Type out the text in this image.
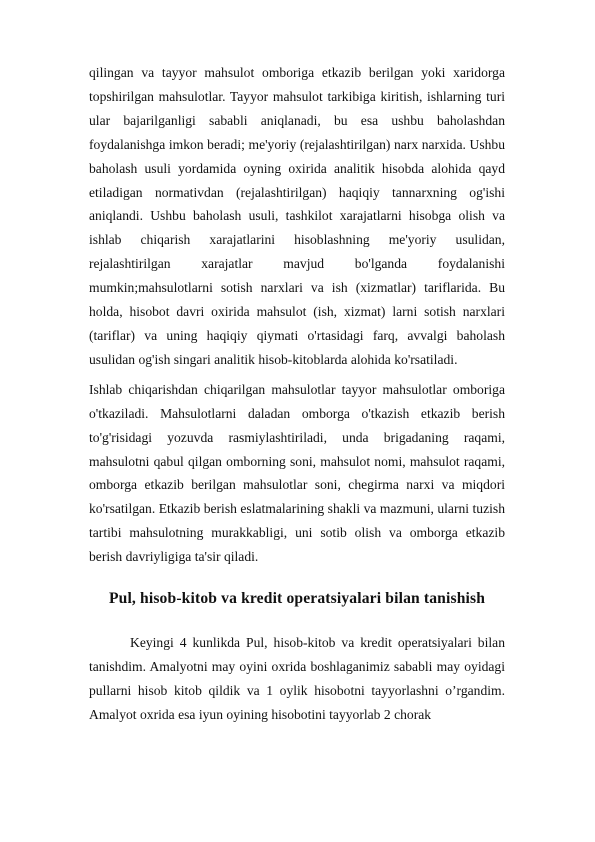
qilingan va tayyor mahsulot omboriga etkazib berilgan yoki xaridorga topshirilgan mahsulotlar. Tayyor mahsulot tarkibiga kiritish, ishlarning turi ular bajarilganligi sababli aniqlanadi, bu esa ushbu baholashdan foydalanishga imkon beradi; me'yoriy (rejalashtirilgan) narx narxida. Ushbu baholash usuli yordamida oyning oxirida analitik hisobda alohida qayd etiladigan normativdan (rejalashtirilgan) haqiqiy tannarxning og'ishi aniqlandi. Ushbu baholash usuli, tashkilot xarajatlarni hisobga olish va ishlab chiqarish xarajatlarini hisoblashning me'yoriy usulidan, rejalashtirilgan xarajatlar mavjud bo'lganda foydalanishi mumkin;mahsulotlarni sotish narxlari va ish (xizmatlar) tariflarida. Bu holda, hisobot davri oxirida mahsulot (ish, xizmat) larni sotish narxlari (tariflar) va uning haqiqiy qiymati o'rtasidagi farq, avvalgi baholash usulidan og'ish singari analitik hisob-kitoblarda alohida ko'rsatiladi.

Ishlab chiqarishdan chiqarilgan mahsulotlar tayyor mahsulotlar omboriga o'tkaziladi. Mahsulotlarni daladan omborga o'tkazish etkazib berish to'g'risidagi yozuvda rasmiylashtiriladi, unda brigadaning raqami, mahsulotni qabul qilgan omborning soni, mahsulot nomi, mahsulot raqami, omborga etkazib berilgan mahsulotlar soni, chegirma narxi va miqdori ko'rsatilgan. Etkazib berish eslatmalarining shakli va mazmuni, ularni tuzish tartibi mahsulotning murakkabligi, uni sotib olish va omborga etkazib berish davriyligiga ta'sir qiladi.

Pul, hisob-kitob va kredit operatsiyalari bilan tanishish

Keyingi 4 kunlikda Pul, hisob-kitob va kredit operatsiyalari bilan tanishdim. Amalyotni may oyini oxrida boshlaganimiz sababli may oyidagi pullarni hisob kitob qildik va 1 oylik hisobotni tayyorlashni o’rgandim. Amalyot oxrida esa iyun oyining hisobotini tayyorlab 2 chorak
